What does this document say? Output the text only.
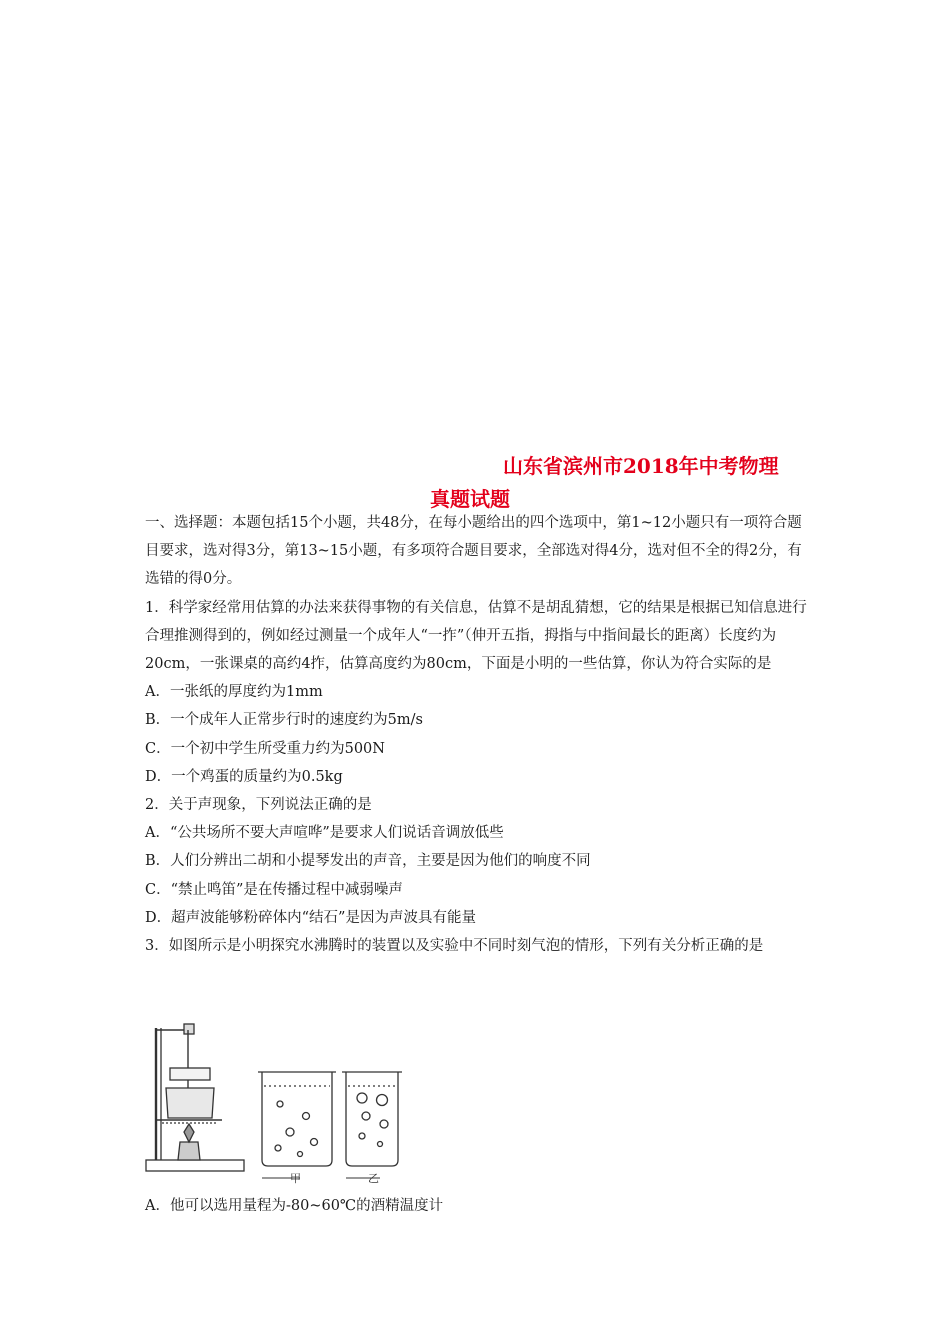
山东省滨州市2018年中考物理
真题试题

一、选择题：本题包括15个小题，共48分，在每小题给出的四个选项中，第1~12小题只有一项符合题目要求，选对得3分，第13~15小题，有多项符合题目要求，全部选对得4分，选对但不全的得2分，有选错的得0分。

1．科学家经常用估算的办法来获得事物的有关信息，估算不是胡乱猜想，它的结果是根据已知信息进行合理推测得到的，例如经过测量一个成年人“一拃”（伸开五指，拇指与中指间最长的距离）长度约为20cm，一张课桌的高约4拃，估算高度约为80cm，下面是小明的一些估算，你认为符合实际的是

A．一张纸的厚度约为1mm

B．一个成年人正常步行时的速度约为5m/s

C．一个初中学生所受重力约为500N

D．一个鸡蛋的质量约为0.5kg

2．关于声现象，下列说法正确的是

A．“公共场所不要大声喧哗”是要求人们说话音调放低些

B．人们分辨出二胡和小提琴发出的声音，主要是因为他们的响度不同

C．“禁止鸣笛”是在传播过程中减弱噪声

D．超声波能够粉碎体内“结石”是因为声波具有能量

3．如图所示是小明探究水沸腾时的装置以及实验中不同时刻气泡的情形，下列有关分析正确的是

甲	乙
A．他可以选用量程为-80~60℃的酒精温度计
